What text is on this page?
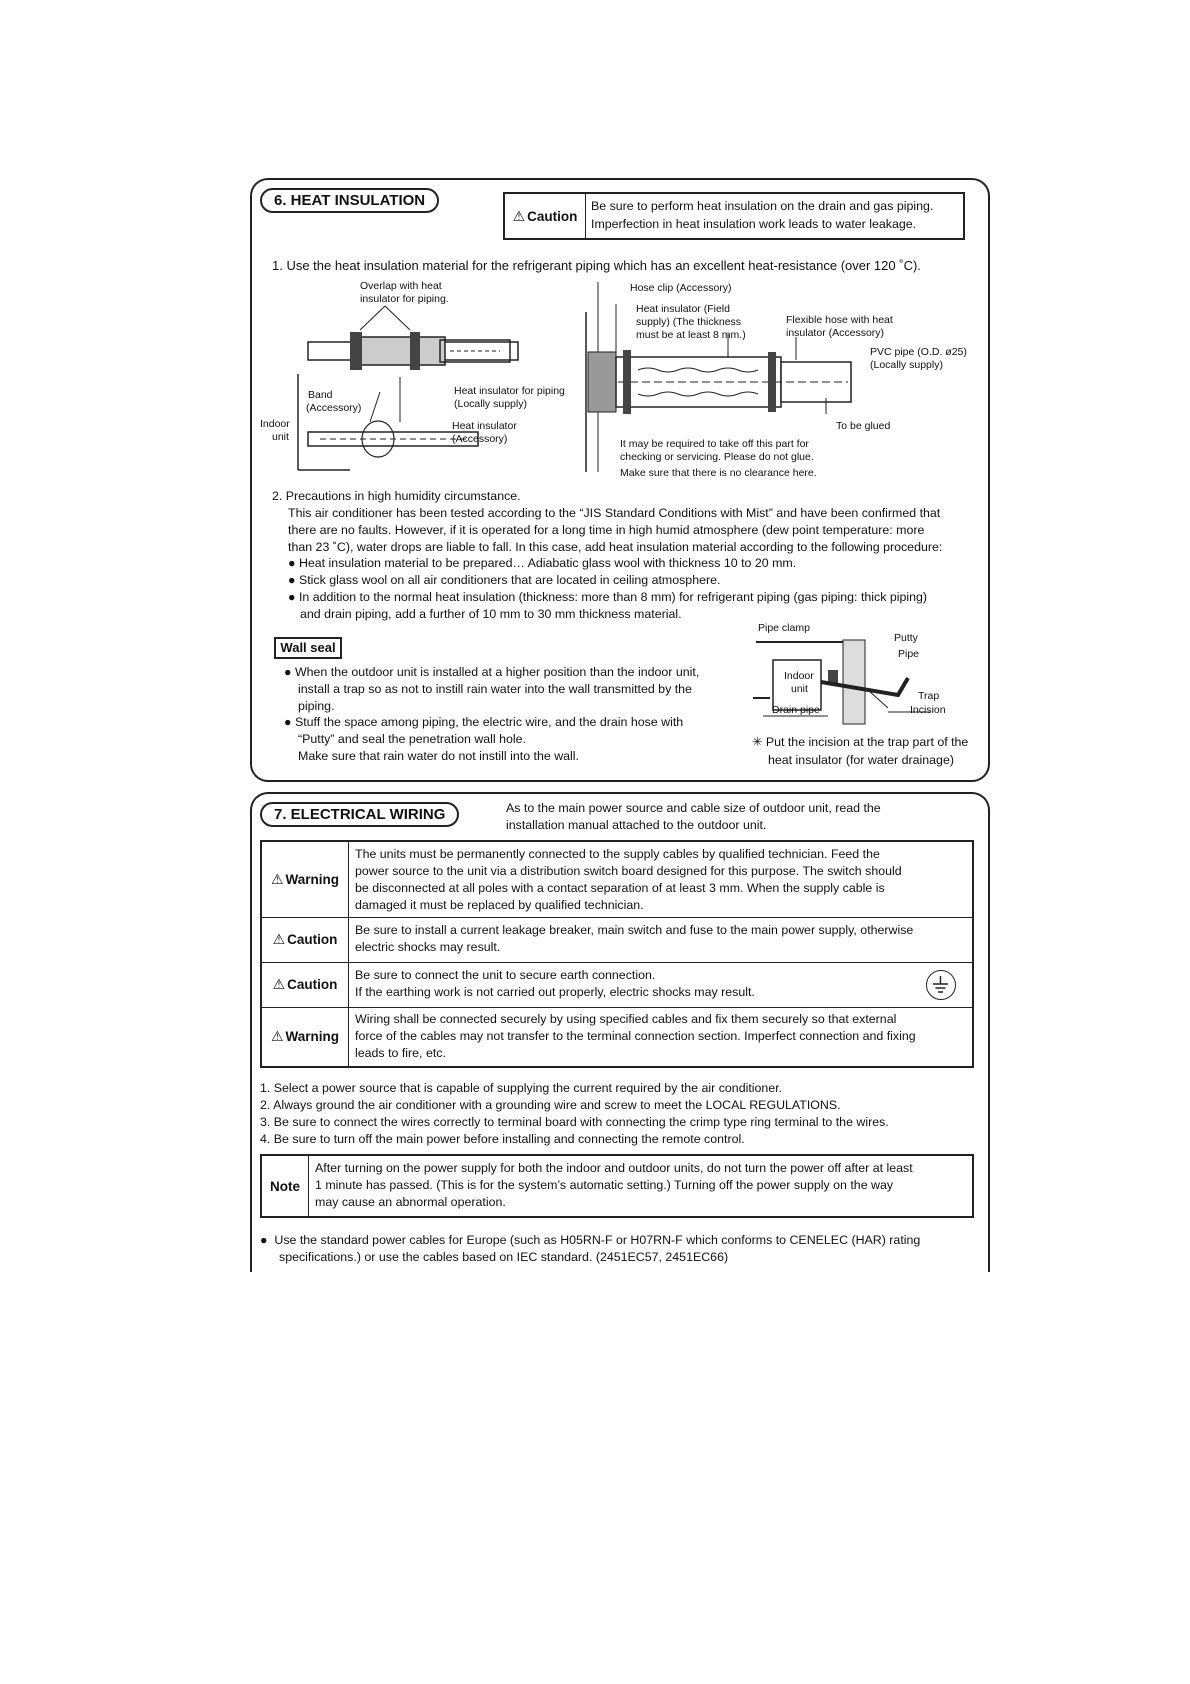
6. HEAT INSULATION
⚠ Caution
Be sure to perform heat insulation on the drain and gas piping.
Imperfection in heat insulation work leads to water leakage.
1. Use the heat insulation material for the refrigerant piping which has an excellent heat-resistance (over 120 ˚C).
Overlap with heat
insulator for piping.
Band
(Accessory)
Indoor
unit
Heat insulator for piping
(Locally supply)
Heat insulator
(Accessory)
Hose clip (Accessory)
Heat insulator (Field
supply) (The thickness
must be at least 8 mm.)
Flexible hose with heat
insulator (Accessory)
PVC pipe (O.D. ø25)
(Locally supply)
To be glued
It may be required to take off this part for
checking or servicing. Please do not glue.
Make sure that there is no clearance here.
2. Precautions in high humidity circumstance.
This air conditioner has been tested according to the “JIS Standard Conditions with Mist” and have been confirmed that
there are no faults. However, if it is operated for a long time in high humid atmosphere (dew point temperature: more
than 23 ˚C), water drops are liable to fall. In this case, add heat insulation material according to the following procedure:
● Heat insulation material to be prepared… Adiabatic glass wool with thickness 10 to 20 mm.
● Stick glass wool on all air conditioners that are located in ceiling atmosphere.
● In addition to the normal heat insulation (thickness: more than 8 mm) for refrigerant piping (gas piping: thick piping)
and drain piping, add a further of 10 mm to 30 mm thickness material.
Wall seal
● When the outdoor unit is installed at a higher position than the indoor unit,
install a trap so as not to instill rain water into the wall transmitted by the
piping.
● Stuff the space among piping, the electric wire, and the drain hose with
“Putty” and seal the penetration wall hole.
Make sure that rain water do not instill into the wall.
Pipe clamp
Putty
Pipe
Indoor
unit
Trap
Drain pipe	Incision
✳ Put the incision at the trap part of the
heat insulator (for water drainage)
7. ELECTRICAL WIRING	As to the main power source and cable size of outdoor unit, read the
installation manual attached to the outdoor unit.
⚠ Warning
The units must be permanently connected to the supply cables by qualified technician. Feed the
power source to the unit via a distribution switch board designed for this purpose. The switch should
be disconnected at all poles with a contact separation of at least 3 mm. When the supply cable is
damaged it must be replaced by qualified technician.
⚠ Caution
Be sure to install a current leakage breaker, main switch and fuse to the main power supply, otherwise
electric shocks may result.
⚠ Caution
Be sure to connect the unit to secure earth connection.
If the earthing work is not carried out properly, electric shocks may result.
⚠ Warning
Wiring shall be connected securely by using specified cables and fix them securely so that external
force of the cables may not transfer to the terminal connection section. Imperfect connection and fixing
leads to fire, etc.
1. Select a power source that is capable of supplying the current required by the air conditioner.
2. Always ground the air conditioner with a grounding wire and screw to meet the LOCAL REGULATIONS.
3. Be sure to connect the wires correctly to terminal board with connecting the crimp type ring terminal to the wires.
4. Be sure to turn off the main power before installing and connecting the remote control.
Note
After turning on the power supply for both the indoor and outdoor units, do not turn the power off after at least
1 minute has passed. (This is for the system’s automatic setting.) Turning off the power supply on the way
may cause an abnormal operation.
●  Use the standard power cables for Europe (such as H05RN-F or H07RN-F which conforms to CENELEC (HAR) rating
specifications.) or use the cables based on IEC standard. (2451EC57, 2451EC66)
